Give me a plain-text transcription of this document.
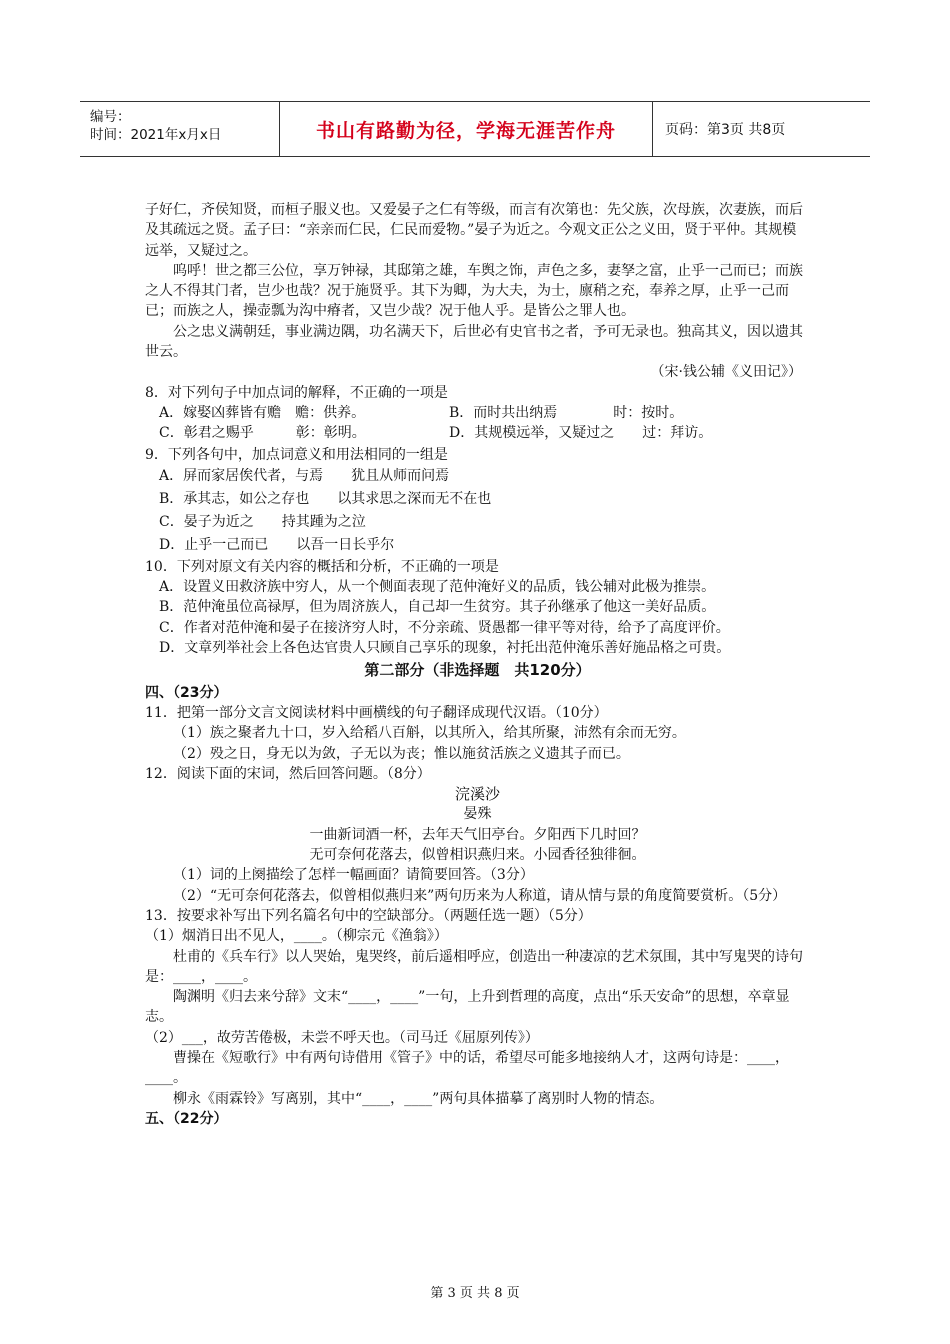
编号：
时间：2021年x月x日	书山有路勤为径，学海无涯苦作舟	页码：第3页 共8页

子好仁，齐侯知贤，而桓子服义也。又爱晏子之仁有等级，而言有次第也：先父族，次母族，次妻族，而后及其疏远之贤。孟子曰：“亲亲而仁民，仁民而爱物。”晏子为近之。今观文正公之义田，贤于平仲。其规模远举，又疑过之。

呜呼！世之都三公位，享万钟禄，其邸第之雄，车舆之饰，声色之多，妻孥之富，止乎一己而已；而族之人不得其门者，岂少也哉？况于施贤乎。其下为卿，为大夫，为士，廪稍之充，奉养之厚，止乎一己而已；而族之人，操壶瓢为沟中瘠者，又岂少哉？况于他人乎。是皆公之罪人也。

公之忠义满朝廷，事业满边隅，功名满天下，后世必有史官书之者，予可无录也。独高其义，因以遗其世云。

（宋·钱公辅《义田记》）

8．对下列句子中加点词的解释，不正确的一项是

A．嫁娶凶葬皆有赡　赡：供养。	B．而时共出纳焉　　　　时：按时。
C．彰君之赐乎　　　彰：彰明。	D．其规模远举，又疑过之　　过：拜访。

9．下列各句中，加点词意义和用法相同的一组是

A．屏而家居俟代者，与焉　　犹且从师而问焉

B．承其志，如公之存也　　以其求思之深而无不在也

C．晏子为近之　　持其踵为之泣

D．止乎一己而已　　以吾一日长乎尔

10．下列对原文有关内容的概括和分析，不正确的一项是

A．设置义田救济族中穷人，从一个侧面表现了范仲淹好义的品质，钱公辅对此极为推崇。

B．范仲淹虽位高禄厚，但为周济族人，自己却一生贫穷。其子孙继承了他这一美好品质。

C．作者对范仲淹和晏子在接济穷人时，不分亲疏、贤愚都一律平等对待，给予了高度评价。

D．文章列举社会上各色达官贵人只顾自己享乐的现象，衬托出范仲淹乐善好施品格之可贵。

第二部分（非选择题　共120分）

四、（23分）

11．把第一部分文言文阅读材料中画横线的句子翻译成现代汉语。（10分）

（1）族之聚者九十口，岁入给稻八百斛，以其所入，给其所聚，沛然有余而无穷。

（2）殁之日，身无以为敛，子无以为丧；惟以施贫活族之义遗其子而已。

12．阅读下面的宋词，然后回答问题。（8分）

浣溪沙

晏殊

一曲新词酒一杯，去年天气旧亭台。夕阳西下几时回？

无可奈何花落去，似曾相识燕归来。小园香径独徘徊。

（1）词的上阕描绘了怎样一幅画面？请简要回答。（3分）

（2）“无可奈何花落去，似曾相似燕归来”两句历来为人称道，请从情与景的角度简要赏析。（5分）

13．按要求补写出下列名篇名句中的空缺部分。（两题任选一题）（5分）

（1）烟消日出不见人，____。（柳宗元《渔翁》）

杜甫的《兵车行》以人哭始，鬼哭终，前后遥相呼应，创造出一种凄凉的艺术氛围，其中写鬼哭的诗句是：____，____。

陶渊明《归去来兮辞》文末“____，____”一句，上升到哲理的高度，点出“乐天安命”的思想，卒章显志。

（2）___，故劳苦倦极，未尝不呼天也。（司马迁《屈原列传》）

曹操在《短歌行》中有两句诗借用《管子》中的话，希望尽可能多地接纳人才，这两句诗是：____，____。

柳永《雨霖铃》写离别，其中“____，____”两句具体描摹了离别时人物的情态。

五、（22分）

第 3 页 共 8 页
